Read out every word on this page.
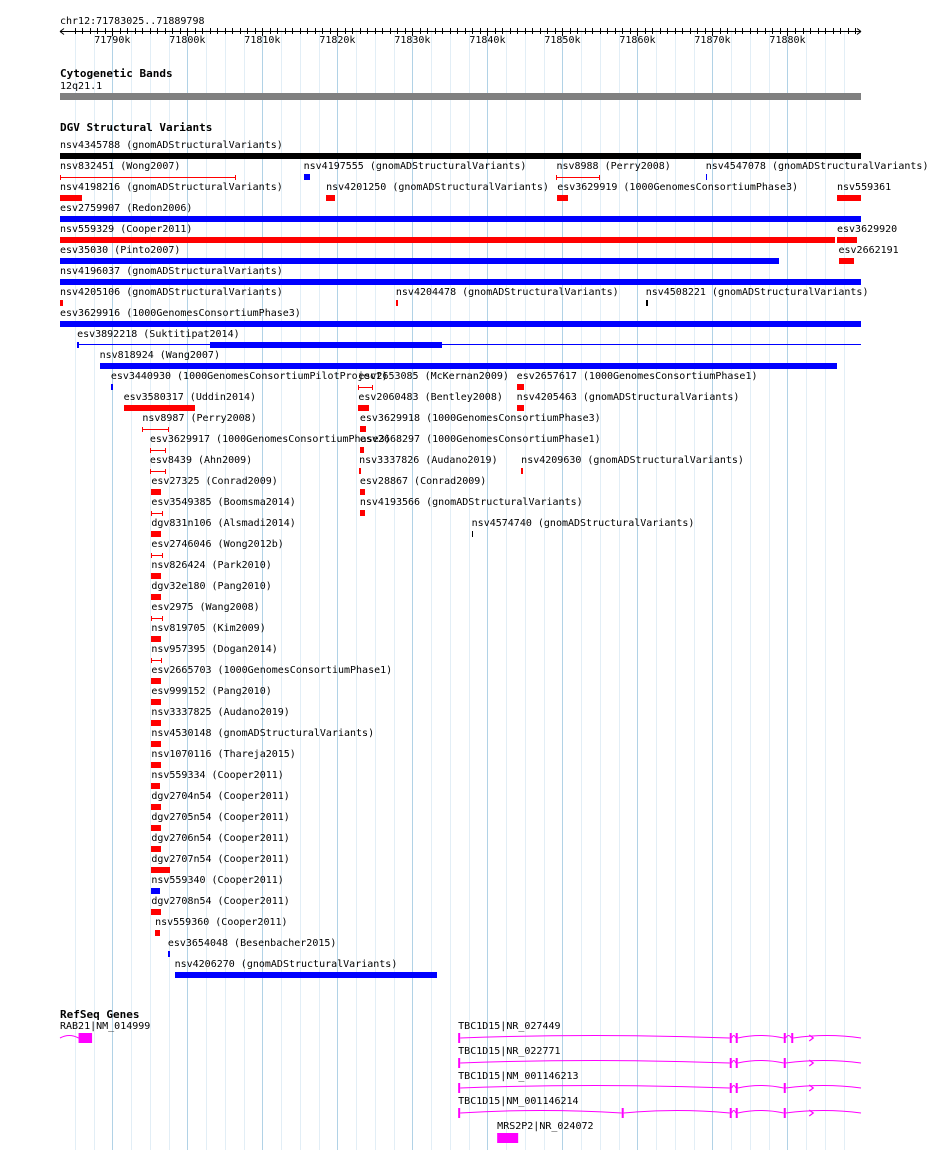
chr12:71783025..71889798
71790k	71800k	71810k	71820k	71830k	71840k	71850k	71860k	71870k	71880k
Cytogenetic Bands
12q21.1
DGV Structural Variants
nsv4345788 (gnomADStructuralVariants)
nsv832451 (Wong2007)	nsv4197555 (gnomADStructuralVariants)	nsv8988 (Perry2008)	nsv4547078 (gnomADStructuralVariants)
nsv4198216 (gnomADStructuralVariants)	nsv4201250 (gnomADStructuralVariants) esv3629919 (1000GenomesConsortiumPhase3)	nsv559361
esv2759907 (Redon2006)
nsv559329 (Cooper2011)	esv3629920
esv35030 (Pinto2007)	esv2662191
nsv4196037 (gnomADStructuralVariants)
nsv4205106 (gnomADStructuralVariants)	nsv4204478 (gnomADStructuralVariants)	nsv4508221 (gnomADStructuralVariants)
esv3629916 (1000GenomesConsortiumPhase3)
esv3892218 (Suktitipat2014)
nsv818924 (Wang2007)
esv3440930 (1000GenomesConsortiumPilotProject)
esv2653085 (McKernan2009) esv2657617 (1000GenomesConsortiumPhase1)
esv3580317 (Uddin2014)	esv2060483 (Bentley2008) nsv4205463 (gnomADStructuralVariants)
nsv8987 (Perry2008)	esv3629918 (1000GenomesConsortiumPhase3)
esv3629917 (1000GenomesConsortiumPhase3)
esv2668297 (1000GenomesConsortiumPhase1)
esv8439 (Ahn2009)	nsv3337826 (Audano2019) nsv4209630 (gnomADStructuralVariants)
esv27325 (Conrad2009)	esv28867 (Conrad2009)
esv3549385 (Boomsma2014)	nsv4193566 (gnomADStructuralVariants)
dgv831n106 (Alsmadi2014)	nsv4574740 (gnomADStructuralVariants)
esv2746046 (Wong2012b)
nsv826424 (Park2010)
dgv32e180 (Pang2010)
esv2975 (Wang2008)
nsv819705 (Kim2009)
nsv957395 (Dogan2014)
esv2665703 (1000GenomesConsortiumPhase1)
esv999152 (Pang2010)
nsv3337825 (Audano2019)
nsv4530148 (gnomADStructuralVariants)
nsv1070116 (Thareja2015)
nsv559334 (Cooper2011)
dgv2704n54 (Cooper2011)
dgv2705n54 (Cooper2011)
dgv2706n54 (Cooper2011)
dgv2707n54 (Cooper2011)
nsv559340 (Cooper2011)
dgv2708n54 (Cooper2011)
nsv559360 (Cooper2011)
esv3654048 (Besenbacher2015)
nsv4206270 (gnomADStructuralVariants)
RefSeq Genes
RAB21|NM_014999	TBC1D15|NR_027449
TBC1D15|NR_022771
TBC1D15|NM_001146213
TBC1D15|NM_001146214
MRS2P2|NR_024072
